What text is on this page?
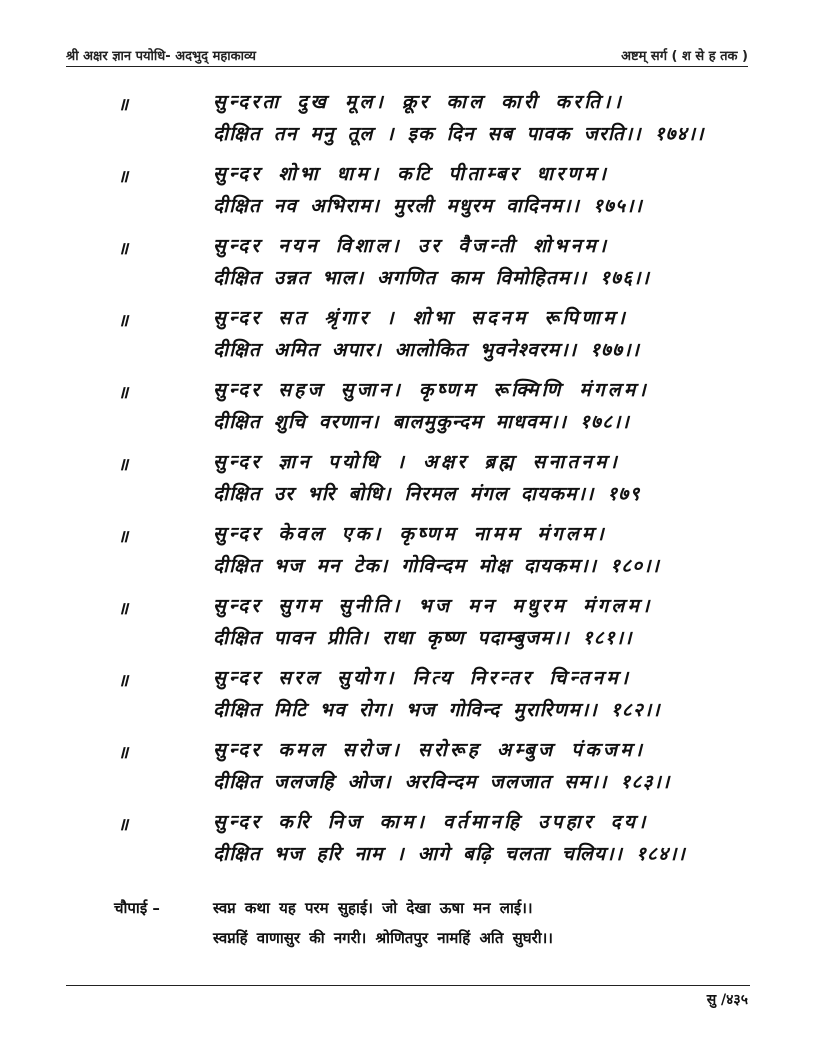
श्री अक्षर ज्ञान पयोधि- अदभुद् महाकाव्य	अष्टम् सर्ग ( श से ह तक )
॥	सुन्दरता दुख मूल। क्रूर काल कारी करति।।
दीक्षित तन मनु तूल । इक दिन सब पावक जरति।। १७४।।
॥	सुन्दर शोभा धाम। कटि पीताम्बर धारणम।
दीक्षित नव अभिराम। मुरली मधुरम वादिनम।। १७५।।
॥	सुन्दर नयन विशाल। उर वैजन्ती शोभनम।
दीक्षित उन्नत भाल। अगणित काम विमोहितम।। १७६।।
॥	सुन्दर सत श्रृंगार । शोभा सदनम रूपिणाम।
दीक्षित अमित अपार। आलोकित भुवनेश्वरम।। १७७।।
॥	सुन्दर सहज सुजान। कृष्णम रूक्मिणि मंगलम।
दीक्षित शुचि वरणान। बालमुकुन्दम माधवम।। १७८।।
॥	सुन्दर ज्ञान पयोधि । अक्षर ब्रह्म सनातनम।
दीक्षित उर भरि बोधि। निरमल मंगल दायकम।। १७९
॥	सुन्दर केवल एक। कृष्णम नामम मंगलम।
दीक्षित भज मन टेक। गोविन्दम मोक्ष दायकम।। १८०।।
॥	सुन्दर सुगम सुनीति। भज मन मधुरम मंगलम।
दीक्षित पावन प्रीति। राधा कृष्ण पदाम्बुजम।। १८१।।
॥	सुन्दर सरल सुयोग। नित्य निरन्तर चिन्तनम।
दीक्षित मिटि भव रोग। भज गोविन्द मुरारिणम।। १८२।।
॥	सुन्दर कमल सरोज। सरोरूह अम्बुज पंकजम।
दीक्षित जलजहि ओज। अरविन्दम जलजात सम।। १८३।।
॥	सुन्दर करि निज काम। वर्तमानहि उपहार दय।
दीक्षित भज हरि नाम । आगे बढ़ि चलता चलिय।। १८४।।
चौपाई –	स्वप्न कथा यह परम सुहाई। जो देखा ऊषा मन लाई।।
स्वप्नहिं वाणासुर की नगरी। श्रोणितपुर नामहिं अति सुघरी।।
सु /४३५
